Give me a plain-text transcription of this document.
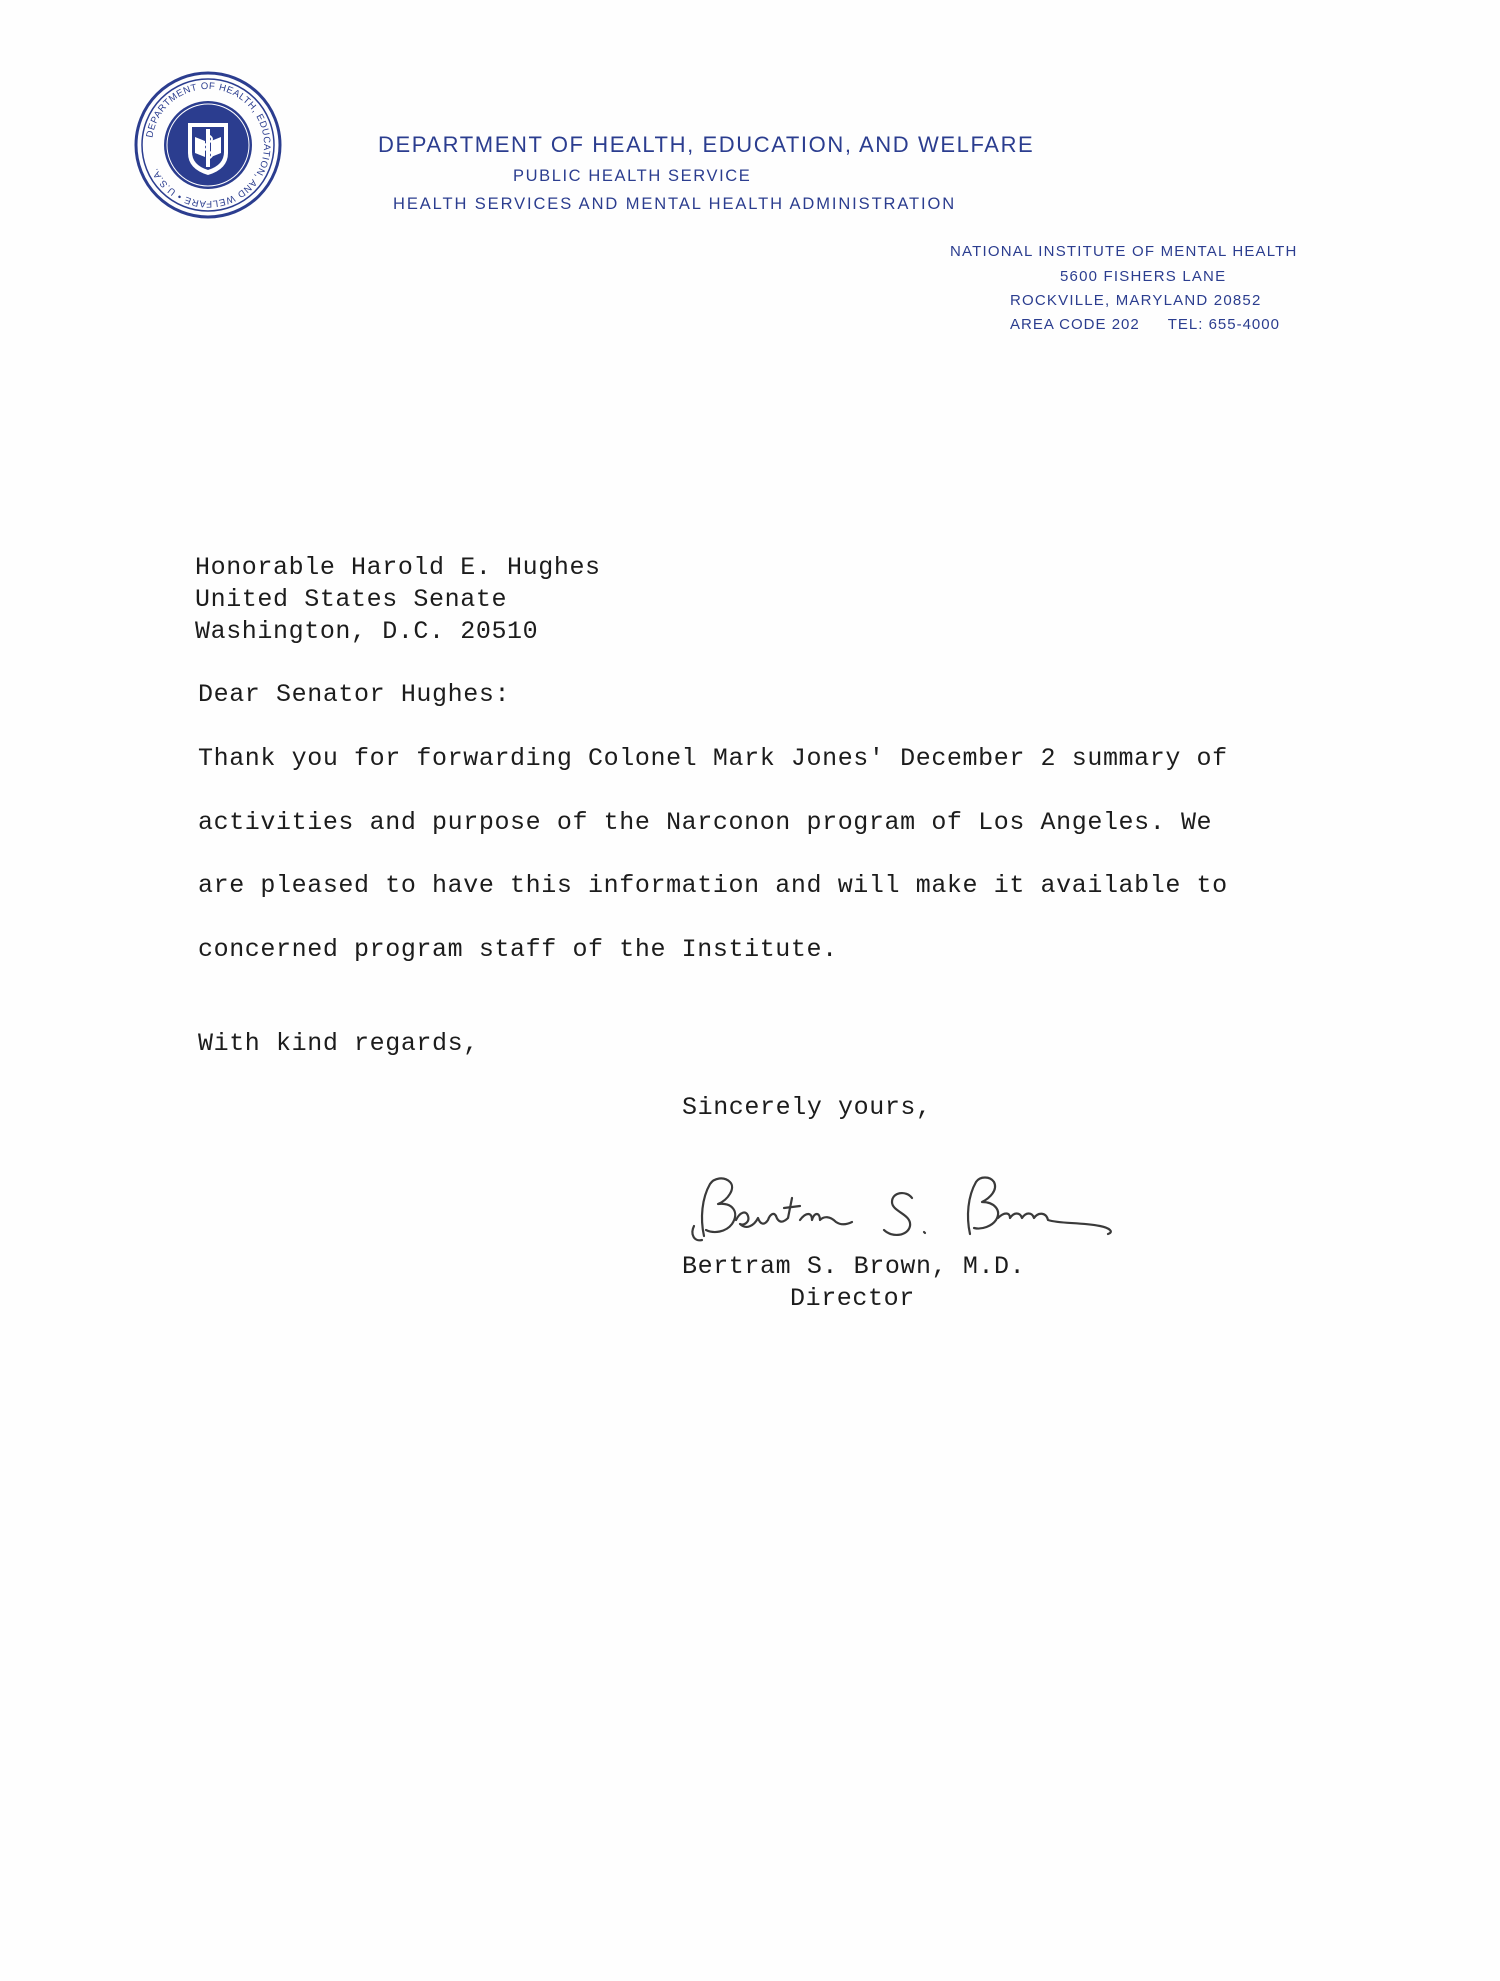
DEPARTMENT OF HEALTH, EDUCATION, AND WELFARE • U.S.A.
DEPARTMENT OF HEALTH, EDUCATION, AND WELFARE
PUBLIC HEALTH SERVICE
HEALTH SERVICES AND MENTAL HEALTH ADMINISTRATION
NATIONAL INSTITUTE OF MENTAL HEALTH
5600 FISHERS LANE
ROCKVILLE, MARYLAND 20852
AREA CODE 202 TEL: 655-4000
Honorable Harold E. Hughes
United States Senate
Washington, D.C. 20510
Dear Senator Hughes:
Thank you for forwarding Colonel Mark Jones' December 2 summary of
activities and purpose of the Narconon program of Los Angeles. We
are pleased to have this information and will make it available to
concerned program staff of the Institute.
With kind regards,
Sincerely yours,
Bertram S. Brown, M.D.
Director
